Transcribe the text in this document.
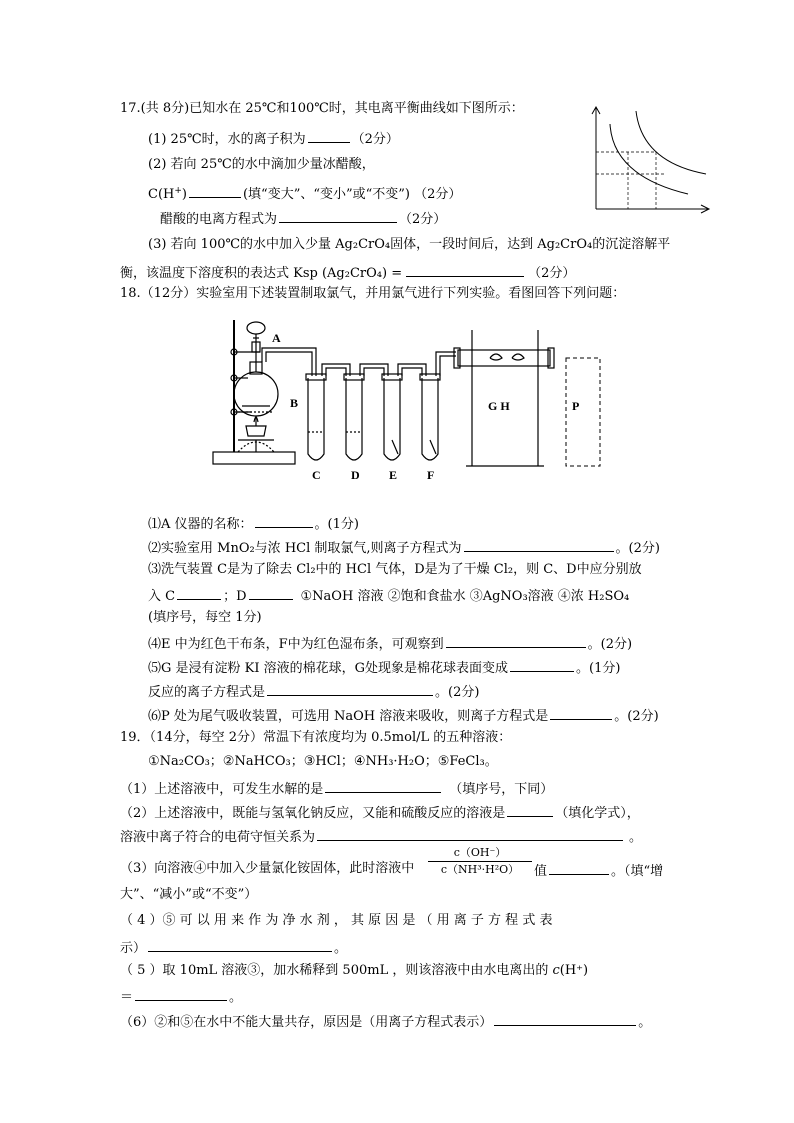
17.(共 8分)已知水在 25℃和100℃时，其电离平衡曲线如下图所示：
(1) 25℃时，水的离子积为	（2分）
(2) 若向 25℃的水中滴加少量冰醋酸，
C(H+)	(填“变大”、“变小”或“不变”) （2分）
醋酸的电离方程式为	（2分）
(3) 若向 100℃的水中加入少量 Ag₂CrO₄固体，一段时间后，达到 Ag₂CrO₄的沉淀溶解平
衡，该温度下溶度积的表达式 Ksp (Ag₂CrO₄) =	（2分）
18.（12分）实验室用下述装置制取氯气，并用氯气进行下列实验。看图回答下列问题：
A
B
C	D E F
G H	P
⑴A 仪器的名称：	。(1分)
⑵实验室用 MnO₂与浓 HCl 制取氯气,则离子方程式为	。(2分)
⑶洗气装置 C是为了除去 Cl₂中的 HCl 气体，D是为了干燥 Cl₂，则 C、D中应分别放
入 C	；D	①NaOH 溶液 ②饱和食盐水 ③AgNO₃溶液 ④浓 H₂SO₄
(填序号，每空 1分)
⑷E 中为红色干布条，F中为红色湿布条，可观察到	。(2分)
⑸G 是浸有淀粉 KI 溶液的棉花球，G处现象是棉花球表面变成	。(1分)
反应的离子方程式是	。(2分)
⑹P 处为尾气吸收装置，可选用 NaOH 溶液来吸收，则离子方程式是	。(2分)
19．（14分，每空 2分）常温下有浓度均为 0.5mol/L 的五种溶液：
①Na₂CO₃；②NaHCO₃；③HCl；④NH₃·H₂O；⑤FeCl₃。
（1）上述溶液中，可发生水解的是	（填序号，下同）
（2）上述溶液中，既能与氢氧化钠反应，又能和硫酸反应的溶液是	（填化学式），
溶液中离子符合的电荷守恒关系为	。
（3）向溶液④中加入少量氯化铵固体，此时溶液中
c（OH⁻）
c（NH³·H²O）	值	。（填“增
大”、“减小”或“不变”）
（ 4 ）⑤ 可 以 用 来 作 为 净 水 剂 ， 其 原 因 是 （ 用 离 子 方 程 式 表
示）	。
（ 5 ）取 10mL 溶液③，加水稀释到 500mL ，则该溶液中由水电离出的 c(H⁺)
＝	。
（6）②和⑤在水中不能大量共存，原因是（用离子方程式表示）	。
